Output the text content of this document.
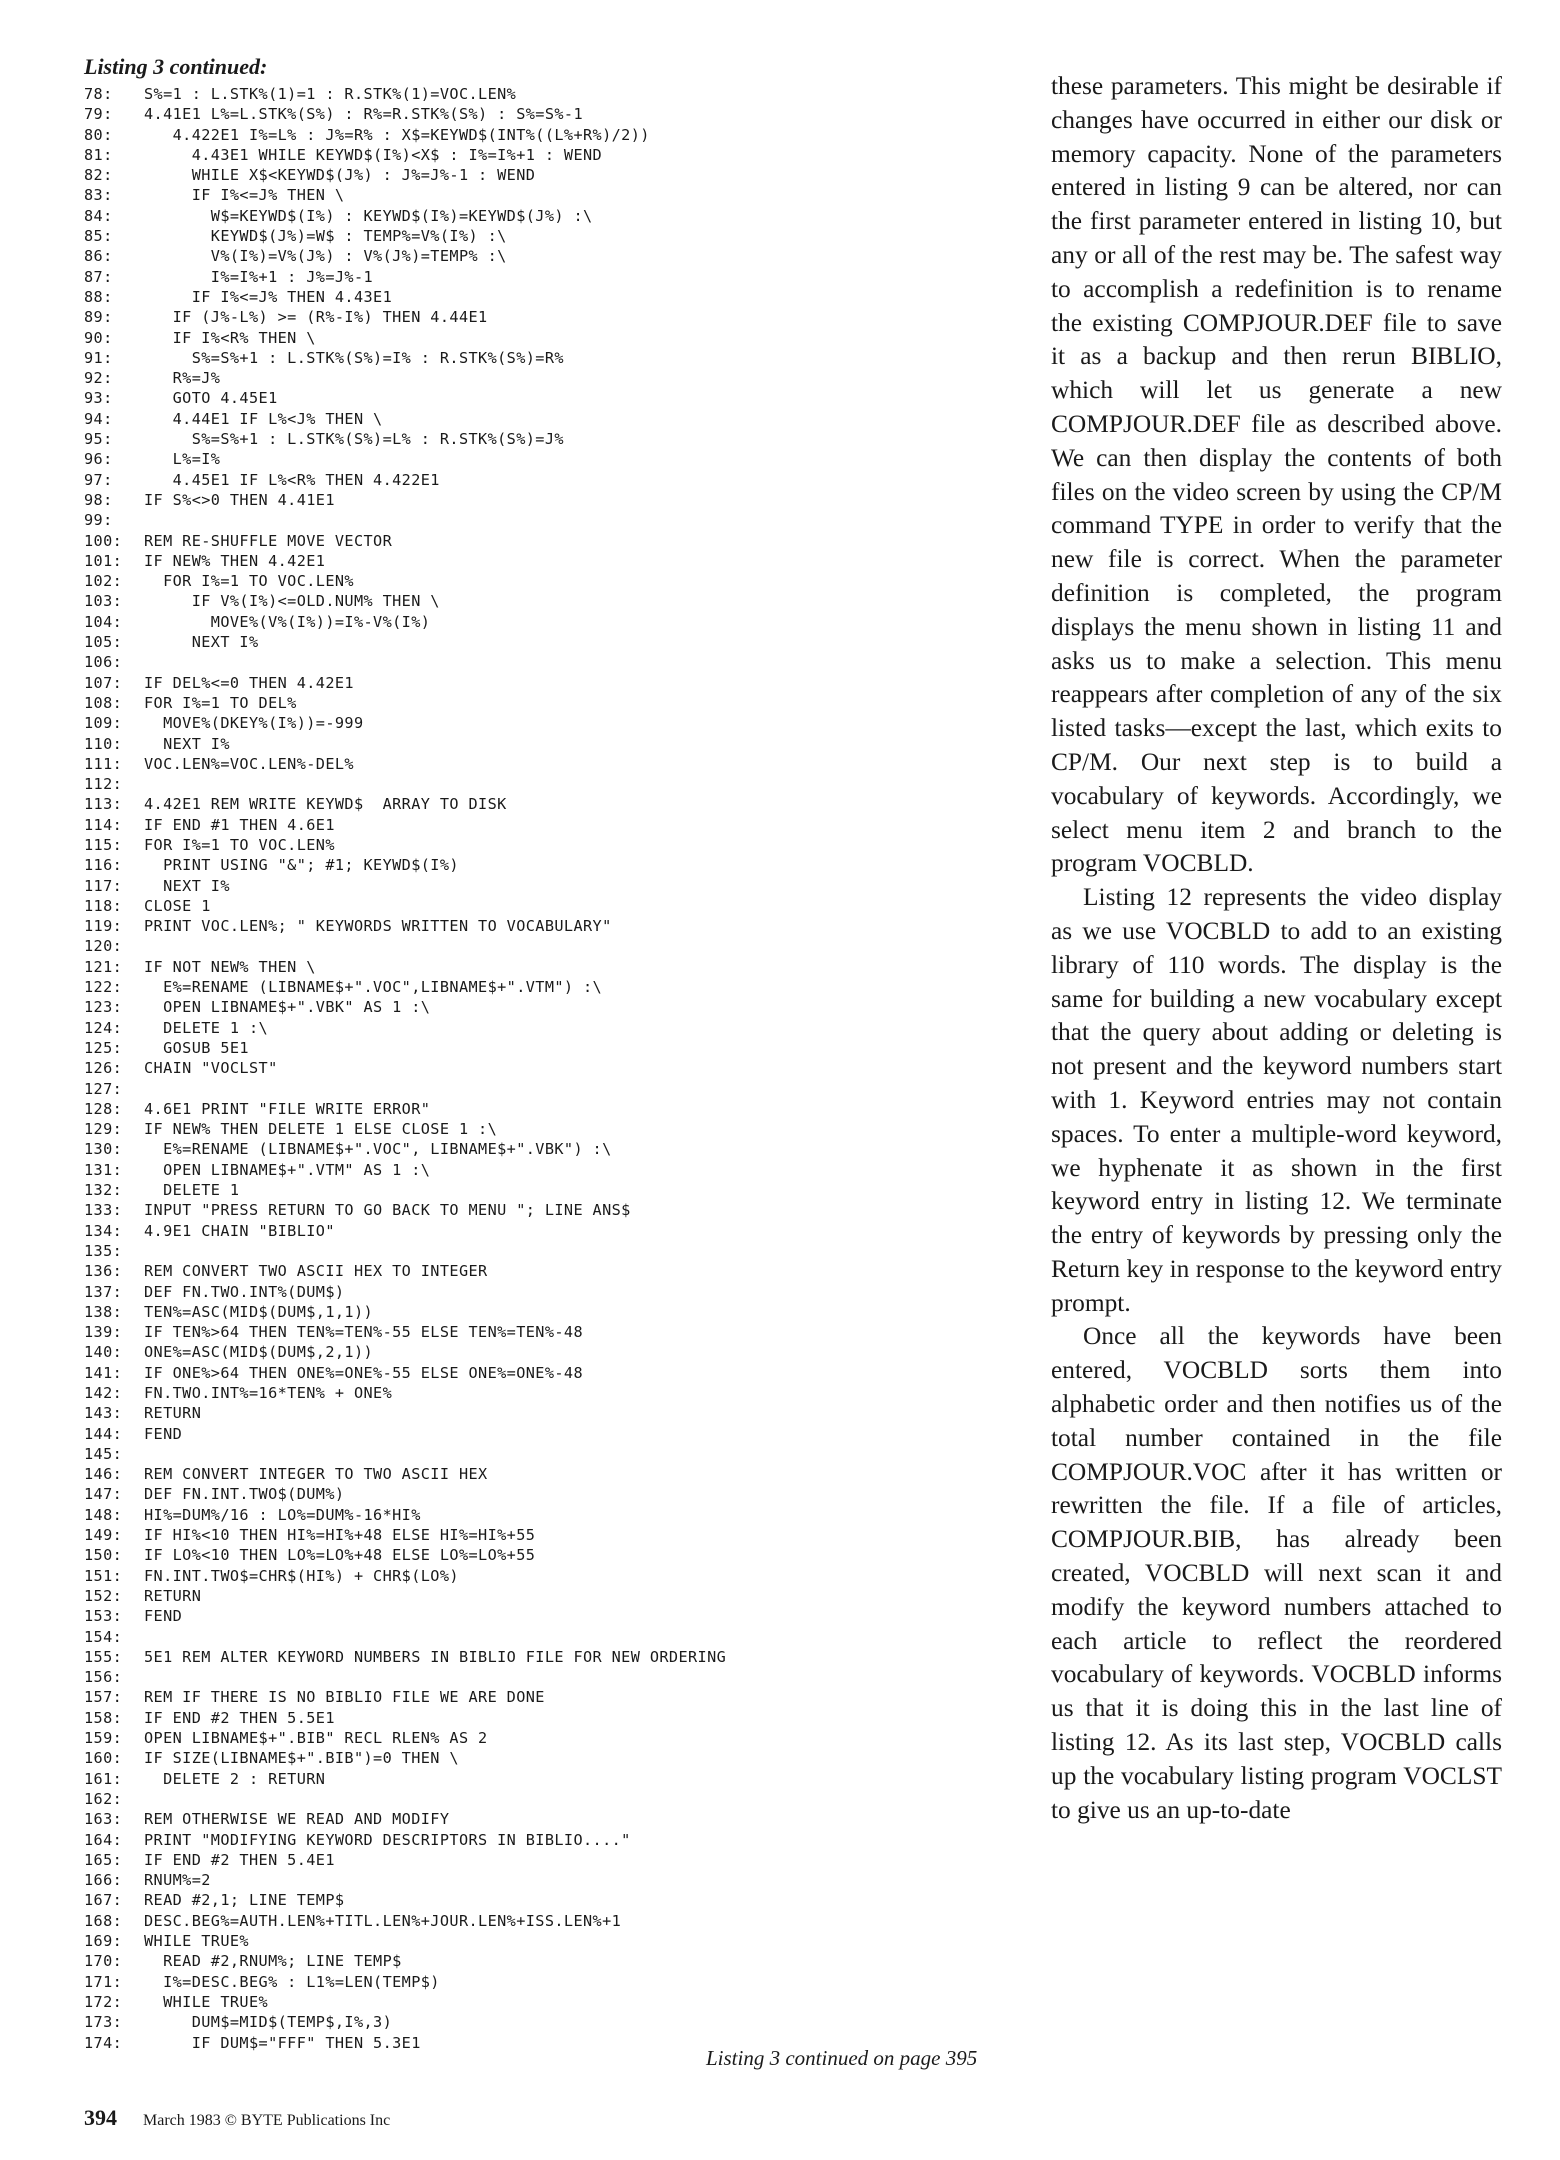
Listing 3 continued:
78:	S%=1 : L.STK%(1)=1 : R.STK%(1)=VOC.LEN%
79:	4.41E1 L%=L.STK%(S%) : R%=R.STK%(S%) : S%=S%-1
80:	4.422E1 I%=L% : J%=R% : X$=KEYWD$(INT%((L%+R%)/2))
81:	4.43E1 WHILE KEYWD$(I%)<X$ : I%=I%+1 : WEND
82:	WHILE X$<KEYWD$(J%) : J%=J%-1 : WEND
83:	IF I%<=J% THEN \
84:	W$=KEYWD$(I%) : KEYWD$(I%)=KEYWD$(J%) :\
85:	KEYWD$(J%)=W$ : TEMP%=V%(I%) :\
86:	V%(I%)=V%(J%) : V%(J%)=TEMP% :\
87:	I%=I%+1 : J%=J%-1
88:	IF I%<=J% THEN 4.43E1
89:	IF (J%-L%) >= (R%-I%) THEN 4.44E1
90:	IF I%<R% THEN \
91:	S%=S%+1 : L.STK%(S%)=I% : R.STK%(S%)=R%
92:	R%=J%
93:	GOTO 4.45E1
94:	4.44E1 IF L%<J% THEN \
95:	S%=S%+1 : L.STK%(S%)=L% : R.STK%(S%)=J%
96:	L%=I%
97:	4.45E1 IF L%<R% THEN 4.422E1
98:	IF S%<>0 THEN 4.41E1
99:
100:	REM RE-SHUFFLE MOVE VECTOR
101:	IF NEW% THEN 4.42E1
102:	FOR I%=1 TO VOC.LEN%
103:	IF V%(I%)<=OLD.NUM% THEN \
104:	MOVE%(V%(I%))=I%-V%(I%)
105:	NEXT I%
106:
107:	IF DEL%<=0 THEN 4.42E1
108:	FOR I%=1 TO DEL%
109:	MOVE%(DKEY%(I%))=-999
110:	NEXT I%
111:	VOC.LEN%=VOC.LEN%-DEL%
112:
113:	4.42E1 REM WRITE KEYWD$  ARRAY TO DISK
114:	IF END #1 THEN 4.6E1
115:	FOR I%=1 TO VOC.LEN%
116:	PRINT USING "&"; #1; KEYWD$(I%)
117:	NEXT I%
118:	CLOSE 1
119:	PRINT VOC.LEN%; " KEYWORDS WRITTEN TO VOCABULARY"
120:
121:	IF NOT NEW% THEN \
122:	E%=RENAME (LIBNAME$+".VOC",LIBNAME$+".VTM") :\
123:	OPEN LIBNAME$+".VBK" AS 1 :\
124:	DELETE 1 :\
125:	GOSUB 5E1
126:	CHAIN "VOCLST"
127:
128:	4.6E1 PRINT "FILE WRITE ERROR"
129:	IF NEW% THEN DELETE 1 ELSE CLOSE 1 :\
130:	E%=RENAME (LIBNAME$+".VOC", LIBNAME$+".VBK") :\
131:	OPEN LIBNAME$+".VTM" AS 1 :\
132:	DELETE 1
133:	INPUT "PRESS RETURN TO GO BACK TO MENU "; LINE ANS$
134:	4.9E1 CHAIN "BIBLIO"
135:
136:	REM CONVERT TWO ASCII HEX TO INTEGER
137:	DEF FN.TWO.INT%(DUM$)
138:	TEN%=ASC(MID$(DUM$,1,1))
139:	IF TEN%>64 THEN TEN%=TEN%-55 ELSE TEN%=TEN%-48
140:	ONE%=ASC(MID$(DUM$,2,1))
141:	IF ONE%>64 THEN ONE%=ONE%-55 ELSE ONE%=ONE%-48
142:	FN.TWO.INT%=16*TEN% + ONE%
143:	RETURN
144:	FEND
145:
146:	REM CONVERT INTEGER TO TWO ASCII HEX
147:	DEF FN.INT.TWO$(DUM%)
148:	HI%=DUM%/16 : LO%=DUM%-16*HI%
149:	IF HI%<10 THEN HI%=HI%+48 ELSE HI%=HI%+55
150:	IF LO%<10 THEN LO%=LO%+48 ELSE LO%=LO%+55
151:	FN.INT.TWO$=CHR$(HI%) + CHR$(LO%)
152:	RETURN
153:	FEND
154:
155:	5E1 REM ALTER KEYWORD NUMBERS IN BIBLIO FILE FOR NEW ORDERING
156:
157:	REM IF THERE IS NO BIBLIO FILE WE ARE DONE
158:	IF END #2 THEN 5.5E1
159:	OPEN LIBNAME$+".BIB" RECL RLEN% AS 2
160:	IF SIZE(LIBNAME$+".BIB")=0 THEN \
161:	DELETE 2 : RETURN
162:
163:	REM OTHERWISE WE READ AND MODIFY
164:	PRINT "MODIFYING KEYWORD DESCRIPTORS IN BIBLIO...."
165:	IF END #2 THEN 5.4E1
166:	RNUM%=2
167:	READ #2,1; LINE TEMP$
168:	DESC.BEG%=AUTH.LEN%+TITL.LEN%+JOUR.LEN%+ISS.LEN%+1
169:	WHILE TRUE%
170:	READ #2,RNUM%; LINE TEMP$
171:	I%=DESC.BEG% : L1%=LEN(TEMP$)
172:	WHILE TRUE%
173:	DUM$=MID$(TEMP$,I%,3)
174:	IF DUM$="FFF" THEN 5.3E1
Listing 3 continued on page 395

these parameters. This might be desirable if changes have occurred in either our disk or memory capacity. None of the parameters entered in listing 9 can be altered, nor can the first parameter entered in listing 10, but any or all of the rest may be. The safest way to accomplish a redefinition is to rename the existing COMPJOUR.DEF file to save it as a backup and then rerun BIBLIO, which will let us generate a new COMPJOUR.DEF file as described above. We can then display the contents of both files on the video screen by using the CP/M command TYPE in order to verify that the new file is correct. When the parameter definition is completed, the program displays the menu shown in listing 11 and asks us to make a selection. This menu reappears after completion of any of the six listed tasks—except the last, which exits to CP/M. Our next step is to build a vocabulary of keywords. Accordingly, we select menu item 2 and branch to the program VOCBLD.

Listing 12 represents the video display as we use VOCBLD to add to an existing library of 110 words. The display is the same for building a new vocabulary except that the query about adding or deleting is not present and the keyword numbers start with 1. Keyword entries may not contain spaces. To enter a multiple-word keyword, we hyphenate it as shown in the first keyword entry in listing 12. We terminate the entry of keywords by pressing only the Return key in response to the keyword entry prompt.

Once all the keywords have been entered, VOCBLD sorts them into alphabetic order and then notifies us of the total number contained in the file COMPJOUR.VOC after it has written or rewritten the file. If a file of articles, COMPJOUR.BIB, has already been created, VOCBLD will next scan it and modify the keyword numbers attached to each article to reflect the reordered vocabulary of keywords. VOCBLD informs us that it is doing this in the last line of listing 12. As its last step, VOCBLD calls up the vocabulary listing program VOCLST to give us an up-to-date

394 March 1983 © BYTE Publications Inc
